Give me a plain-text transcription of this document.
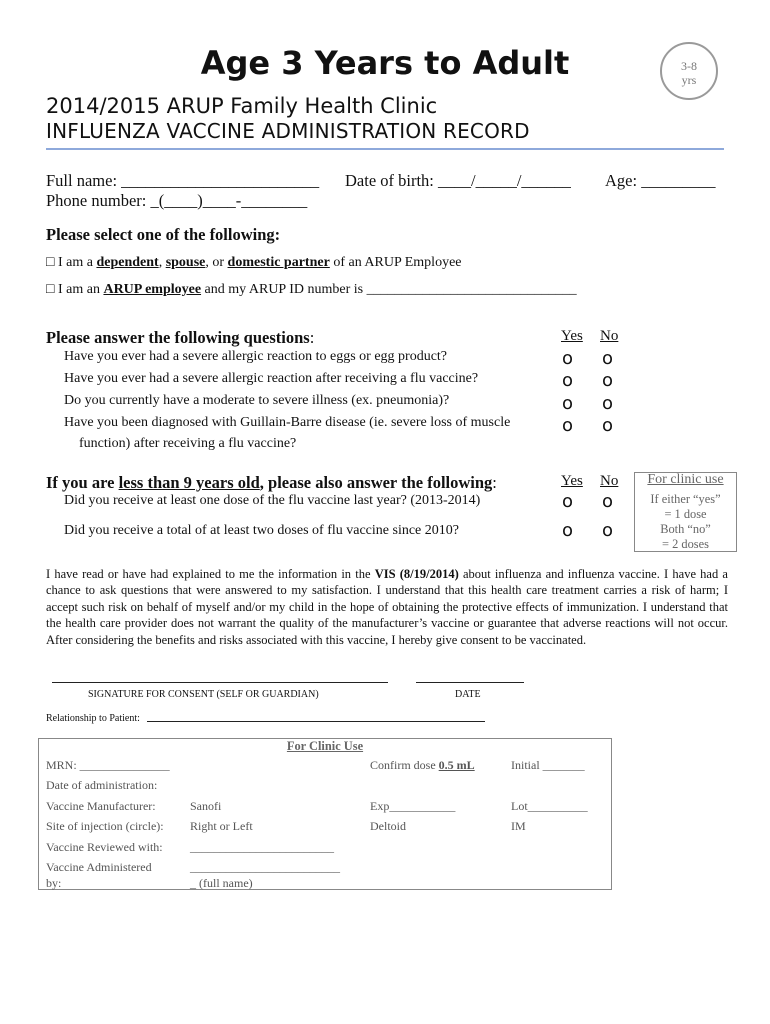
Age 3 Years to Adult	3-8
yrs
2014/2015 ARUP Family Health Clinic
INFLUENZA VACCINE ADMINISTRATION RECORD
Full name: ________________________ Date of birth: ____/_____/______ Age: _________
Phone number: _(____)____-________
Please select one of the following:
□ I am a dependent, spouse, or domestic partner of an ARUP Employee
□ I am an ARUP employee and my ARUP ID number is ______________________________
Please answer the following questions:	Yes No
Have you ever had a severe allergic reaction to eggs or egg product?	o o
Have you ever had a severe allergic reaction after receiving a flu vaccine?	o o
Do you currently have a moderate to severe illness (ex. pneumonia)?	o o
Have you been diagnosed with Guillain-Barre disease (ie. severe loss of muscle
function) after receiving a flu vaccine?
o o
If you are less than 9 years old, please also answer the following:	Yes No
Did you receive at least one dose of the flu vaccine last year? (2013-2014)	o o
Did you receive a total of at least two doses of flu vaccine since 2010?	o o
For clinic use
If either “yes”
= 1 dose
Both “no”
= 2 doses
I have read or have had explained to me the information in the VIS (8/19/2014) about influenza and influenza vaccine. I have had a chance to ask questions that were answered to my satisfaction. I understand that this health care treatment carries a risk of harm; I accept such risk on behalf of myself and/or my child in the hope of obtaining the protective effects of immunization. I understand that the health care provider does not warrant the quality of the manufacturer’s vaccine or guarantee that adverse reactions will not occur. After considering the benefits and risks associated with this vaccine, I hereby give consent to be vaccinated.
SIGNATURE FOR CONSENT (SELF OR GUARDIAN)	DATE
Relationship to Patient:
For Clinic Use
MRN: _______________	Confirm dose 0.5 mL	Initial _______
Date of administration:
Vaccine Manufacturer:	Sanofi	Exp___________	Lot__________
Site of injection (circle): Right or Left	Deltoid	IM
Vaccine Reviewed with: ________________________
Vaccine Administered
by:
_________________________
_ (full name)
